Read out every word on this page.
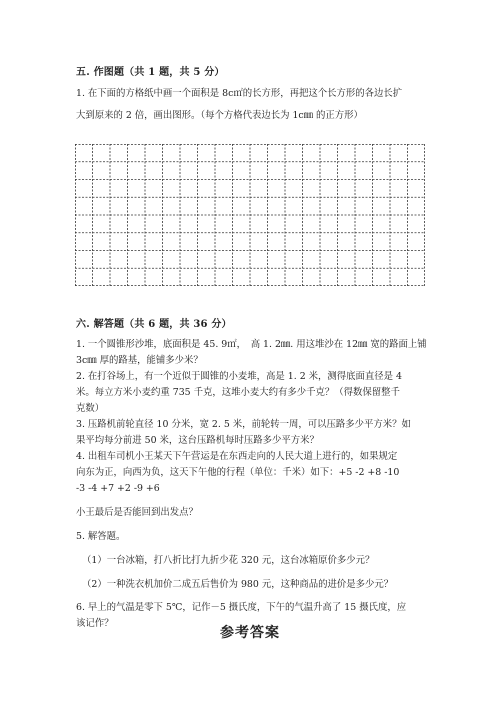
五. 作图题（共 1 题，共 5 分）
1. 在下面的方格纸中画一个面积是 8c㎡的长方形，再把这个长方形的各边长扩
大到原来的 2 倍，画出图形。（每个方格代表边长为 1c㎜ 的正方形）
六. 解答题（共 6 题，共 36 分）
1. 一个圆锥形沙堆，底面积是 45. 9㎡，　高 1. 2㎜. 用这堆沙在 12㎜ 宽的路面上铺
3c㎜ 厚的路基，能铺多少米？
2. 在打谷场上，有一个近似于圆锥的小麦堆，高是 1. 2 米，测得底面直径是 4
米。每立方米小麦约重 735 千克，这堆小麦大约有多少千克？（得数保留整千
克数）
3. 压路机前轮直径 10 分米，宽 2. 5 米，前轮转一周，可以压路多少平方米？如
果平均每分前进 50 米，这台压路机每时压路多少平方米？
4. 出租车司机小王某天下午营运是在东西走向的人民大道上进行的，如果规定
向东为正，向西为负，这天下午他的行程（单位：千米）如下：+5 -2 +8 -10
-3 -4 +7 +2 -9 +6
小王最后是否能回到出发点？
5. 解答题。
（1）一台冰箱，打八折比打九折少花 320 元，这台冰箱原价多少元？
（2）一种洗衣机加价二成五后售价为 980 元，这种商品的进价是多少元？
6. 早上的气温是零下 5℃，记作－5 摄氏度，下午的气温升高了 15 摄氏度，应
该记作？
参考答案
